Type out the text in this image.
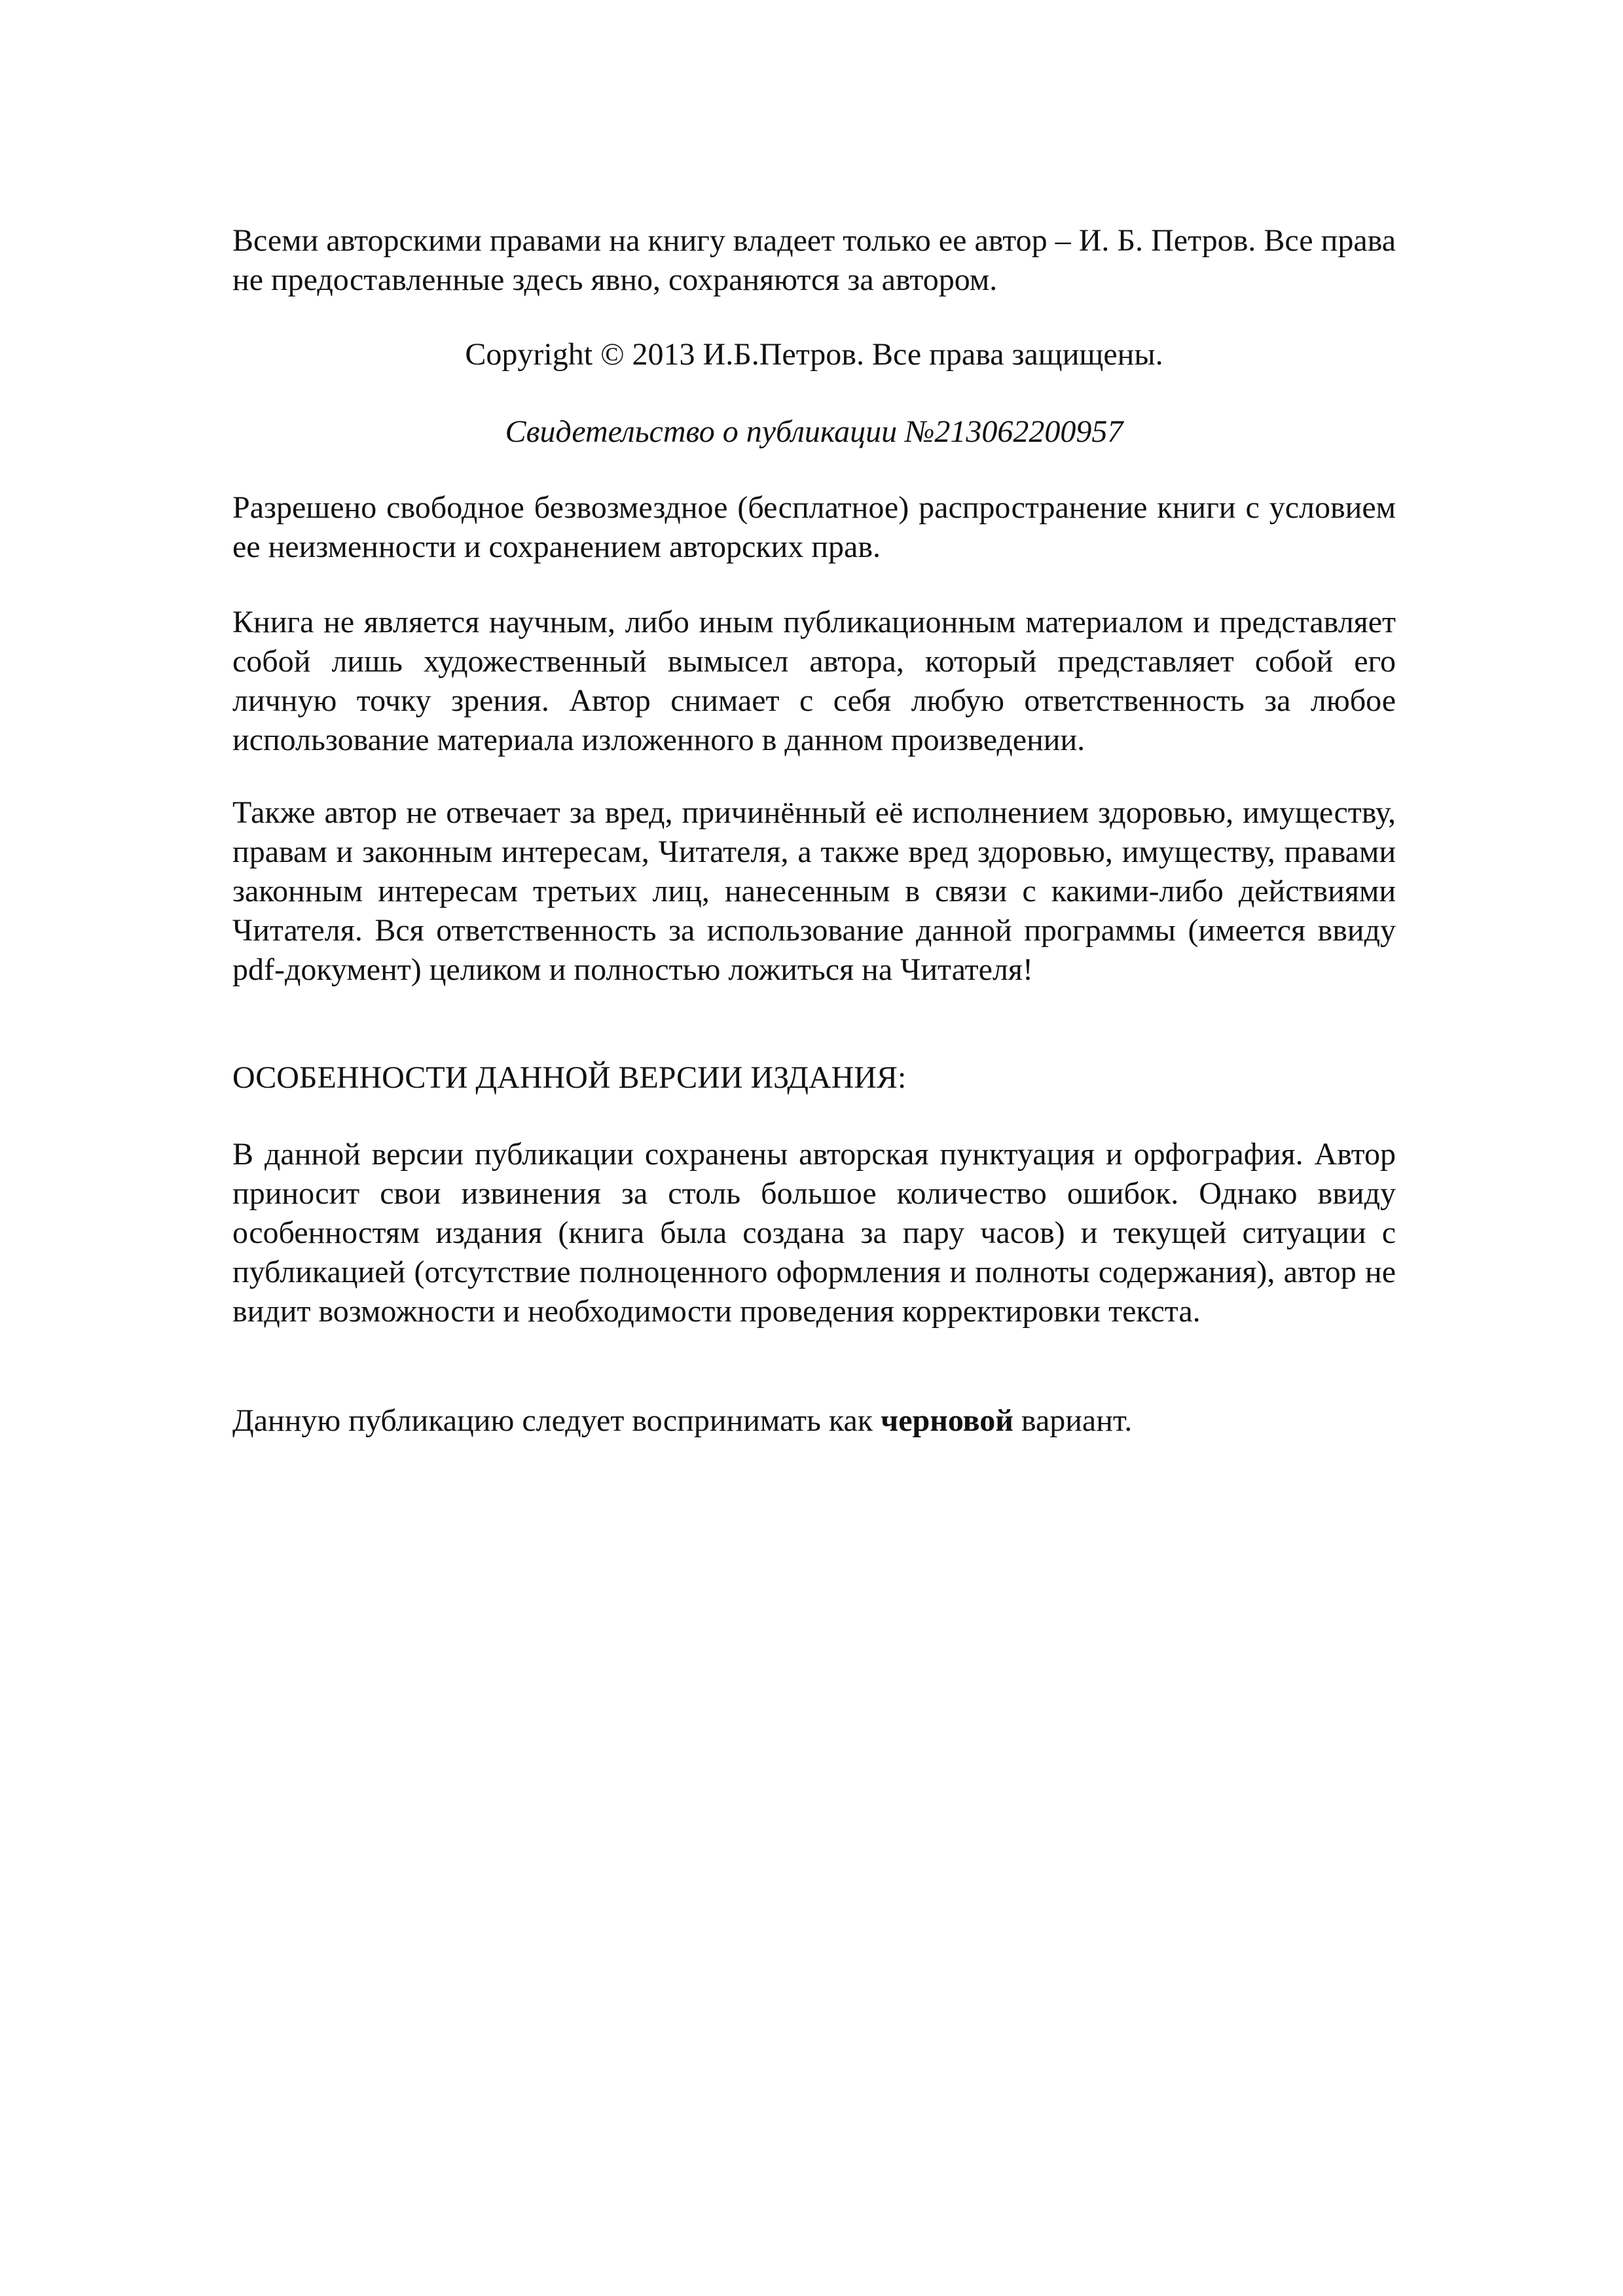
Всеми авторскими правами на книгу владеет только ее автор – И. Б. Петров. Все права не предоставленные здесь явно, сохраняются за автором.

Copyright © 2013 И.Б.Петров. Все права защищены.

Свидетельство о публикации №213062200957

Разрешено свободное безвозмездное (бесплатное) распространение книги с условием ее неизменности и сохранением авторских прав.

Книга не является научным, либо иным публикационным материалом и представляет собой лишь художественный вымысел автора, который представляет собой его личную точку зрения. Автор снимает с себя любую ответственность за любое использование материала изложенного в данном произведении.

Также автор не отвечает за вред, причинённый её исполнением здоровью, имуществу, правам и законным интересам, Читателя, а также вред здоровью, имуществу, правами законным интересам третьих лиц, нанесенным в связи с какими-либо действиями Читателя. Вся ответственность за использование данной программы (имеется ввиду pdf-документ) целиком и полностью ложиться на Читателя!

ОСОБЕННОСТИ ДАННОЙ ВЕРСИИ ИЗДАНИЯ:

В данной версии публикации сохранены авторская пунктуация и орфография. Автор приносит свои извинения за столь большое количество ошибок. Однако ввиду особенностям издания (книга была создана за пару часов) и текущей ситуации с публикацией (отсутствие полноценного оформления и полноты содержания), автор не видит возможности и необходимости проведения корректировки текста.

Данную публикацию следует воспринимать как черновой вариант.
